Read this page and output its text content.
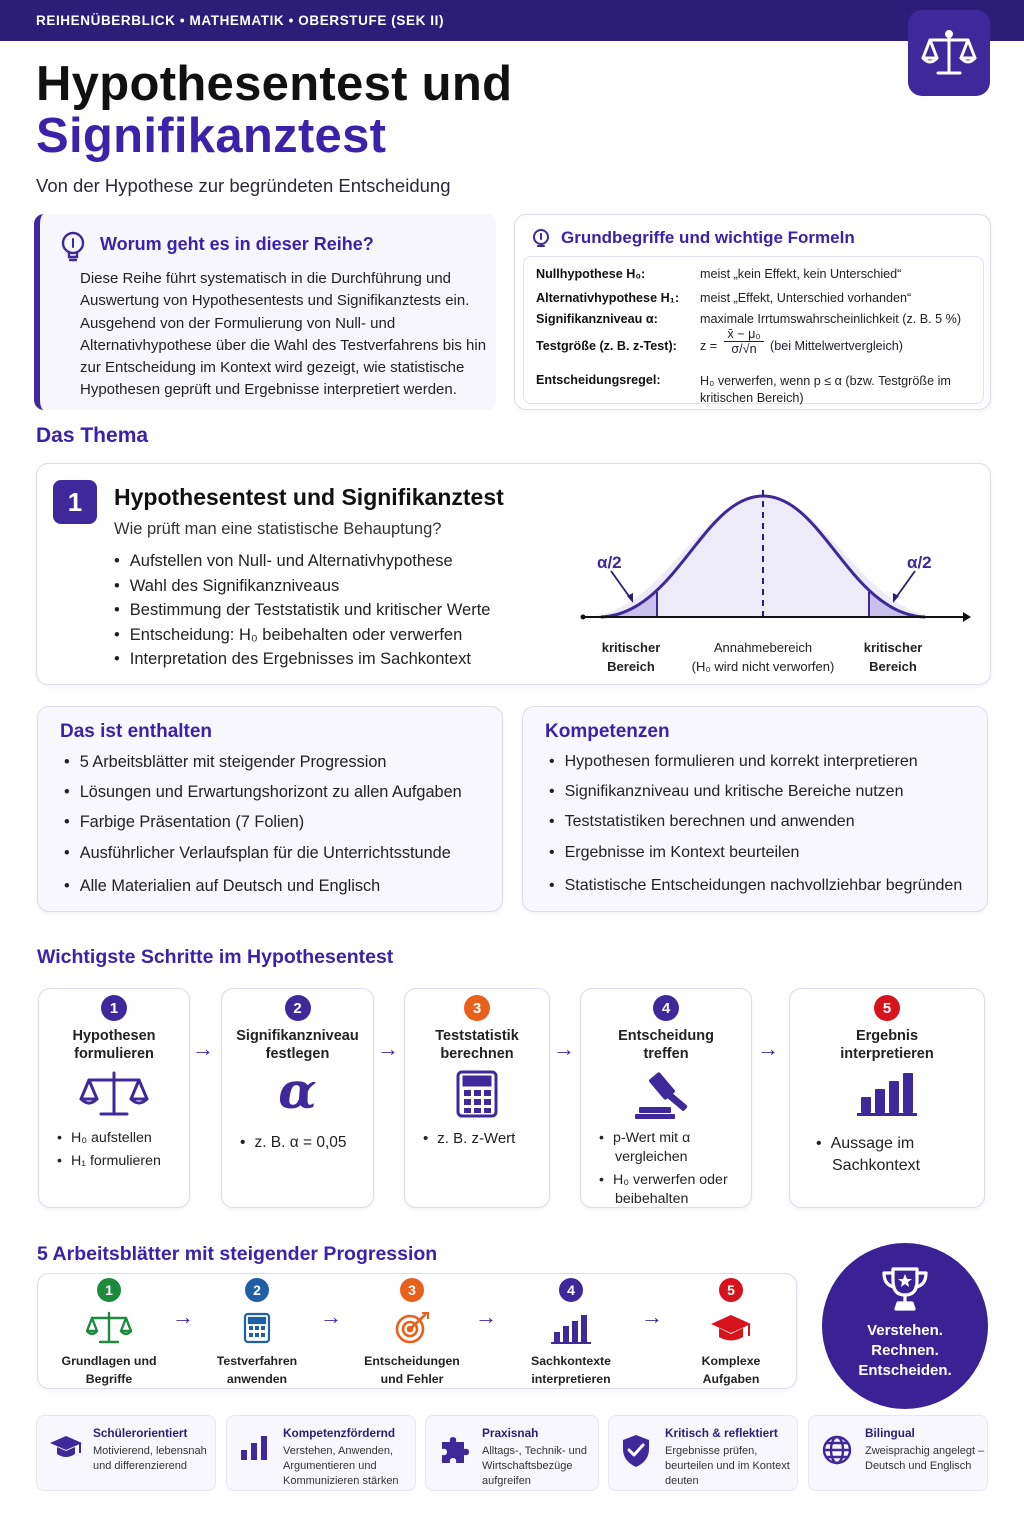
REIHENÜBERBLICK • MATHEMATIK • OBERSTUFE (SEK II)
Hypothesentest und
Signifikanztest
Von der Hypothese zur begründeten Entscheidung
Worum geht es in dieser Reihe?
Diese Reihe führt systematisch in die Durchführung und
Auswertung von Hypothesentests und Signifikanztests ein.
Ausgehend von der Formulierung von Null- und
Alternativhypothese über die Wahl des Testverfahrens bis hin
zur Entscheidung im Kontext wird gezeigt, wie statistische
Hypothesen geprüft und Ergebnisse interpretiert werden.
Grundbegriffe und wichtige Formeln
Nullhypothese H₀:	meist „kein Effekt, kein Unterschied“
Alternativhypothese H₁: meist „Effekt, Unterschied vorhanden“
Signifikanzniveau α:	maximale Irrtumswahrscheinlichkeit (z. B. 5 %)
Testgröße (z. B. z-Test): $z = \frac{\text{x̄ − μ₀}}{\sigma/√n} (bei$ Mittelwertvergleich)
Entscheidungsregel:	H₀ verwerfen, wenn p ≤ α (bzw. Testgröße im
kritischen Bereich)
Das Thema
1	Hypothesentest und Signifikanztest
Wie prüft man eine statistische Behauptung?
• Aufstellen von Null- und Alternativhypothese
• Wahl des Signifikanzniveaus
• Bestimmung der Teststatistik und kritischer Werte
• Entscheidung: H₀ beibehalten oder verwerfen
• Interpretation des Ergebnisses im Sachkontext
α/2	α/2
kritischer
Bereich
Annahmebereich
(H₀ wird nicht verworfen)
kritischer
Bereich
Das ist enthalten
• 5 Arbeitsblätter mit steigender Progression
• Lösungen und Erwartungshorizont zu allen Aufgaben
• Farbige Präsentation (7 Folien)
• Ausführlicher Verlaufsplan für die Unterrichtsstunde
• Alle Materialien auf Deutsch und Englisch
Kompetenzen
• Hypothesen formulieren und korrekt interpretieren
• Signifikanzniveau und kritische Bereiche nutzen
• Teststatistiken berechnen und anwenden
• Ergebnisse im Kontext beurteilen
• Statistische Entscheidungen nachvollziehbar begründen
Wichtigste Schritte im Hypothesentest
1
Hypothesen
formulieren
• H₀ aufstellen
• H₁ formulieren
→
2
Signifikanzniveau
festlegen
α
• z. B. α = 0,05
→
3
Teststatistik
berechnen
• z. B. z-Wert
→
4
Entscheidung
treffen
• p-Wert mit α vergleichen
• H₀ verwerfen oder beibehalten
→
5
Ergebnis
interpretieren
• Aussage im Sachkontext
5 Arbeitsblätter mit steigender Progression
1
Grundlagen und
Begriffe
→
2
Testverfahren
anwenden
→
3
Entscheidungen
und Fehler
→
4
Sachkontexte
interpretieren
→
5
Komplexe
Aufgaben
Verstehen.
Rechnen.
Entscheiden.
Schülerorientiert
Motivierend, lebensnah
und differenzierend
Kompetenzfördernd
Verstehen, Anwenden,
Argumentieren und
Kommunizieren stärken
Praxisnah
Alltags-, Technik- und
Wirtschaftsbezüge
aufgreifen
Kritisch & reflektiert
Ergebnisse prüfen,
beurteilen und im Kontext
deuten
Bilingual
Zweisprachig angelegt –
Deutsch und Englisch
